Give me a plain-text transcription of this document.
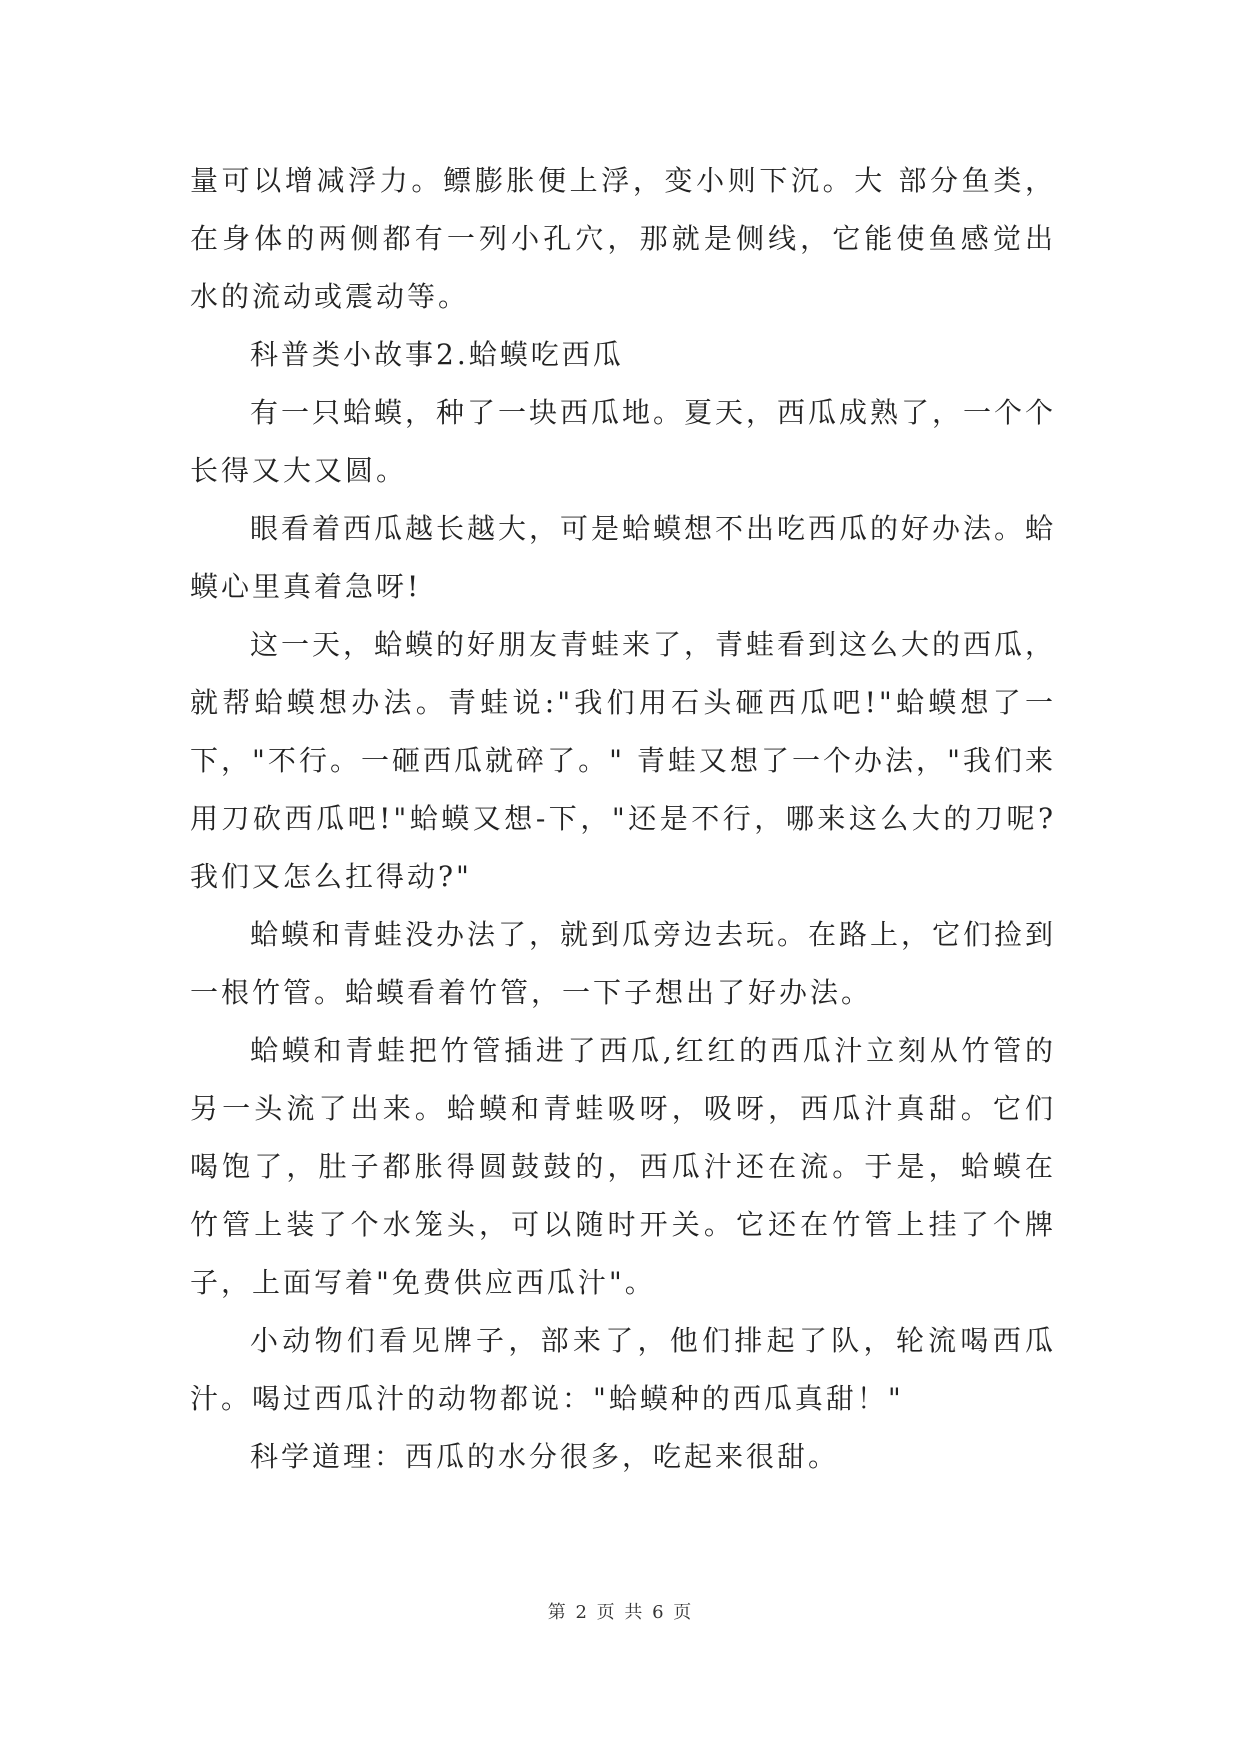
量可以增减浮力。鳔膨胀便上浮，变小则下沉。大 部分鱼类，在身体的两侧都有一列小孔穴，那就是侧线，它能使鱼感觉出水的流动或震动等。

科普类小故事2.蛤蟆吃西瓜

有一只蛤蟆，种了一块西瓜地。夏天，西瓜成熟了，一个个长得又大又圆。

眼看着西瓜越长越大，可是蛤蟆想不出吃西瓜的好办法。蛤蟆心里真着急呀!

这一天，蛤蟆的好朋友青蛙来了，青蛙看到这么大的西瓜，就帮蛤蟆想办法。青蛙说:"我们用石头砸西瓜吧!"蛤蟆想了一下，"不行。一砸西瓜就碎了。" 青蛙又想了一个办法，"我们来用刀砍西瓜吧!"蛤蟆又想-下，"还是不行，哪来这么大的刀呢?我们又怎么扛得动?"

蛤蟆和青蛙没办法了，就到瓜旁边去玩。在路上，它们捡到一根竹管。蛤蟆看着竹管，一下子想出了好办法。

蛤蟆和青蛙把竹管插进了西瓜,红红的西瓜汁立刻从竹管的另一头流了出来。蛤蟆和青蛙吸呀，吸呀，西瓜汁真甜。它们喝饱了，肚子都胀得圆鼓鼓的，西瓜汁还在流。于是，蛤蟆在竹管上装了个水笼头，可以随时开关。它还在竹管上挂了个牌子，上面写着"免费供应西瓜汁"。

小动物们看见牌子，部来了，他们排起了队，轮流喝西瓜汁。喝过西瓜汁的动物都说："蛤蟆种的西瓜真甜！"

科学道理：西瓜的水分很多，吃起来很甜。

第 2 页 共 6 页
